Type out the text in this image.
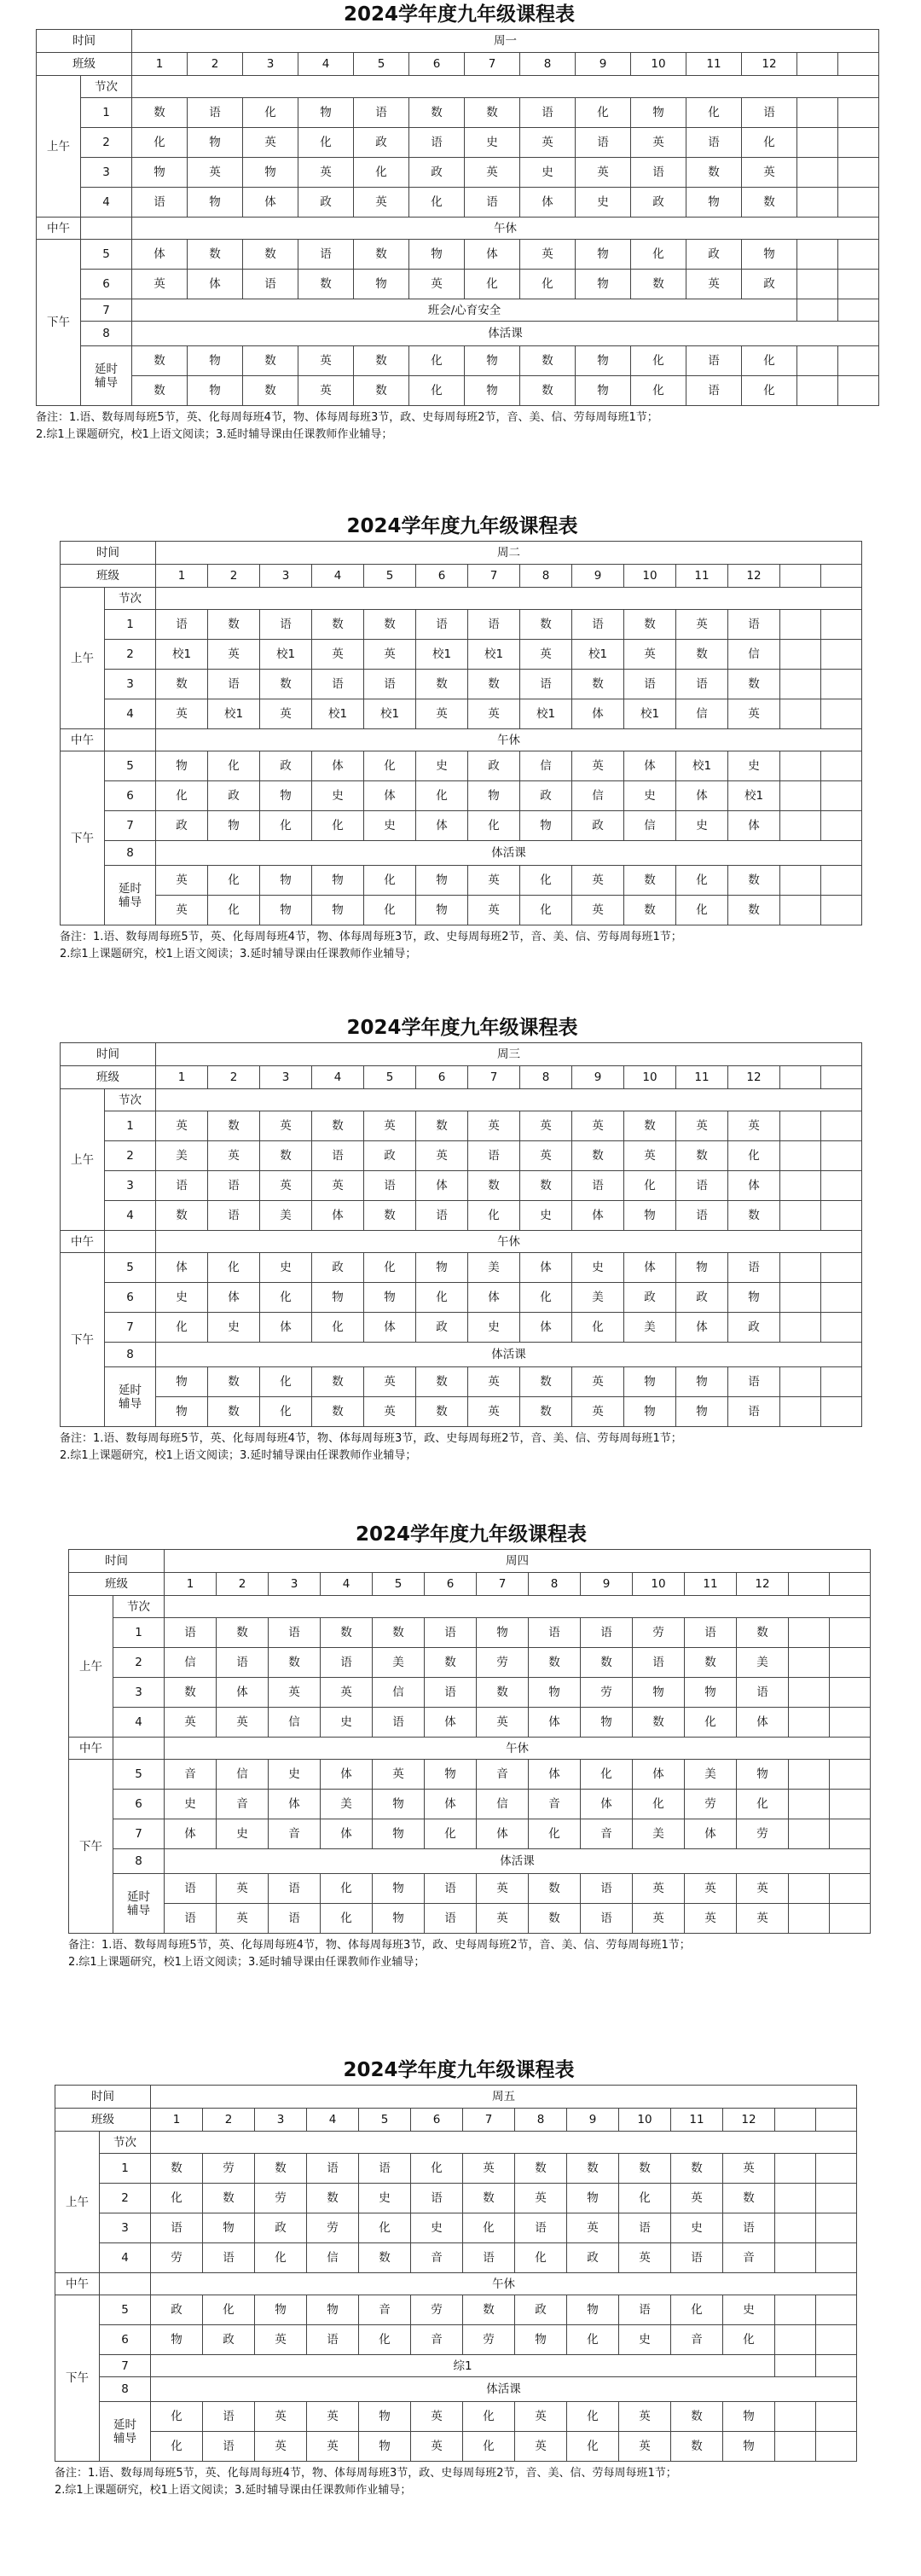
2024学年度九年级课程表
时间		周一													
班级		1	2	3	4	5	6	7	8	9	10	11	12		
上午	节次														
	1	数	语	化	物	语	数	数	语	化	物	化	语		
	2	化	物	英	化	政	语	史	英	语	英	语	化		
	3	物	英	物	英	化	政	英	史	英	语	数	英		
	4	语	物	体	政	英	化	语	体	史	政	物	数		
中午		午休													
下午	5	体	数	数	语	数	物	体	英	物	化	政	物		
	6	英	体	语	数	物	英	化	化	物	数	英	政		
	7	班会/心育安全													
	8	体活课													

	延时
辅导	数	物	数	英	数	化	物	数	物	化	语	化		
		数	物	数	英	数	化	物	数	物	化	语	化		

备注：1.语、数每周每班5节，英、化每周每班4节，物、体每周每班3节，政、史每周每班2节，音、美、信、劳每周每班1节；

2.综1上课题研究，校1上语文阅读；3.延时辅导课由任课教师作业辅导；

2024学年度九年级课程表
时间		周二													
班级		1	2	3	4	5	6	7	8	9	10	11	12		
上午	节次														
	1	语	数	语	数	数	语	语	数	语	数	英	语		
	2	校1	英	校1	英	英	校1	校1	英	校1	英	数	信		
	3	数	语	数	语	语	数	数	语	数	语	语	数		
	4	英	校1	英	校1	校1	英	英	校1	体	校1	信	英		
中午		午休													
下午	5	物	化	政	体	化	史	政	信	英	体	校1	史		
	6	化	政	物	史	体	化	物	政	信	史	体	校1		
	7	政	物	化	化	史	体	化	物	政	信	史	体		
	8	体活课													

	延时
辅导	英	化	物	物	化	物	英	化	英	数	化	数		
		英	化	物	物	化	物	英	化	英	数	化	数		

备注：1.语、数每周每班5节，英、化每周每班4节，物、体每周每班3节，政、史每周每班2节，音、美、信、劳每周每班1节；

2.综1上课题研究，校1上语文阅读；3.延时辅导课由任课教师作业辅导；

2024学年度九年级课程表
时间		周三													
班级		1	2	3	4	5	6	7	8	9	10	11	12		
上午	节次														
	1	英	数	英	数	英	数	英	英	英	数	英	英		
	2	美	英	数	语	政	英	语	英	数	英	数	化		
	3	语	语	英	英	语	体	数	数	语	化	语	体		
	4	数	语	美	体	数	语	化	史	体	物	语	数		
中午		午休													
下午	5	体	化	史	政	化	物	美	体	史	体	物	语		
	6	史	体	化	物	物	化	体	化	美	政	政	物		
	7	化	史	体	化	体	政	史	体	化	美	体	政		
	8	体活课													

	延时
辅导	物	数	化	数	英	数	英	数	英	物	物	语		
		物	数	化	数	英	数	英	数	英	物	物	语		

备注：1.语、数每周每班5节，英、化每周每班4节，物、体每周每班3节，政、史每周每班2节，音、美、信、劳每周每班1节；

2.综1上课题研究，校1上语文阅读；3.延时辅导课由任课教师作业辅导；

2024学年度九年级课程表
时间		周四													
班级		1	2	3	4	5	6	7	8	9	10	11	12		
上午	节次														
	1	语	数	语	数	数	语	物	语	语	劳	语	数		
	2	信	语	数	语	美	数	劳	数	数	语	数	美		
	3	数	体	英	英	信	语	数	物	劳	物	物	语		
	4	英	英	信	史	语	体	英	体	物	数	化	体		
中午		午休													
下午	5	音	信	史	体	英	物	音	体	化	体	美	物		
	6	史	音	体	美	物	体	信	音	体	化	劳	化		
	7	体	史	音	体	物	化	体	化	音	美	体	劳		
	8	体活课													

	延时
辅导	语	英	语	化	物	语	英	数	语	英	英	英		
		语	英	语	化	物	语	英	数	语	英	英	英		

备注：1.语、数每周每班5节，英、化每周每班4节，物、体每周每班3节，政、史每周每班2节，音、美、信、劳每周每班1节；

2.综1上课题研究，校1上语文阅读；3.延时辅导课由任课教师作业辅导；

2024学年度九年级课程表
时间		周五													
班级		1	2	3	4	5	6	7	8	9	10	11	12		
上午	节次														
	1	数	劳	数	语	语	化	英	数	数	数	数	英		
	2	化	数	劳	数	史	语	数	英	物	化	英	数		
	3	语	物	政	劳	化	史	化	语	英	语	史	语		
	4	劳	语	化	信	数	音	语	化	政	英	语	音		
中午		午休													
下午	5	政	化	物	物	音	劳	数	政	物	语	化	史		
	6	物	政	英	语	化	音	劳	物	化	史	音	化		
	7	综1													
	8	体活课													

	延时
辅导	化	语	英	英	物	英	化	英	化	英	数	物		
		化	语	英	英	物	英	化	英	化	英	数	物		

备注：1.语、数每周每班5节，英、化每周每班4节，物、体每周每班3节，政、史每周每班2节，音、美、信、劳每周每班1节；

2.综1上课题研究，校1上语文阅读；3.延时辅导课由任课教师作业辅导；
